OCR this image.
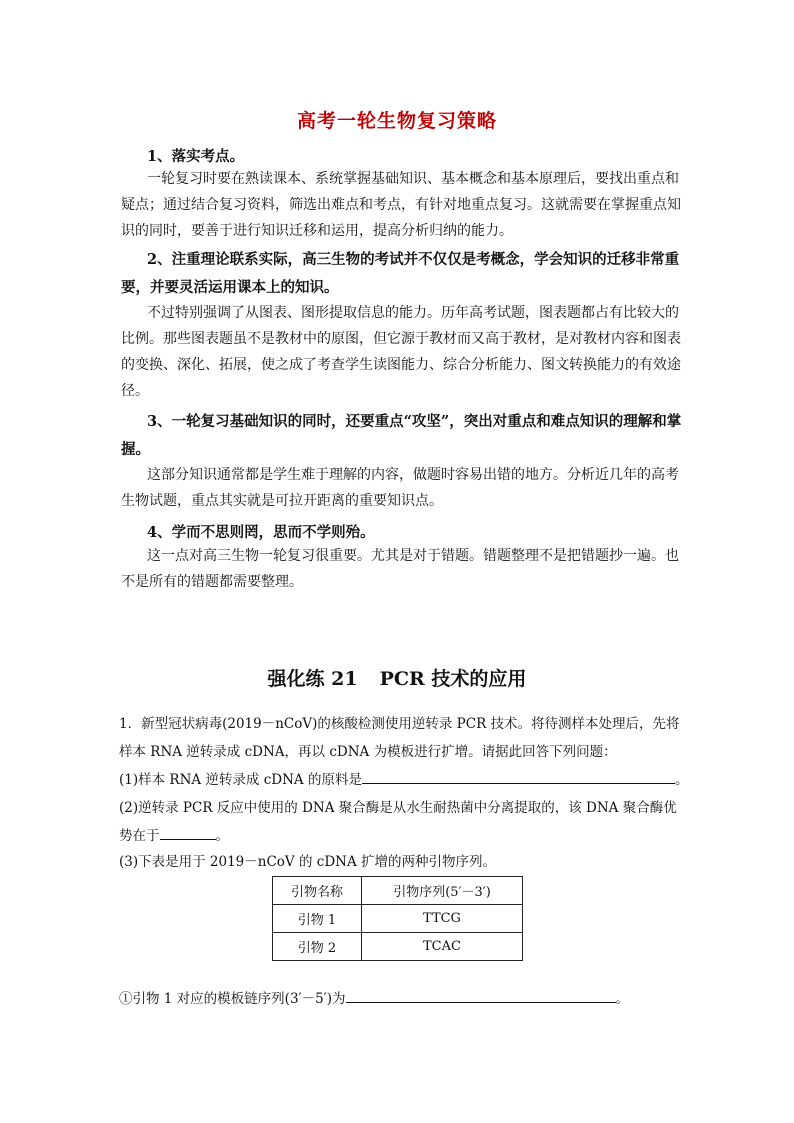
高考一轮生物复习策略
1、落实考点。

一轮复习时要在熟读课本、系统掌握基础知识、基本概念和基本原理后，要找出重点和疑点；通过结合复习资料，筛选出难点和考点，有针对地重点复习。这就需要在掌握重点知识的同时，要善于进行知识迁移和运用，提高分析归纳的能力。

2、注重理论联系实际，高三生物的考试并不仅仅是考概念，学会知识的迁移非常重要，并要灵活运用课本上的知识。

不过特别强调了从图表、图形提取信息的能力。历年高考试题，图表题都占有比较大的比例。那些图表题虽不是教材中的原图，但它源于教材而又高于教材，是对教材内容和图表的变换、深化、拓展，使之成了考查学生读图能力、综合分析能力、图文转换能力的有效途径。

3、一轮复习基础知识的同时，还要重点“攻坚”，突出对重点和难点知识的理解和掌握。

这部分知识通常都是学生难于理解的内容，做题时容易出错的地方。分析近几年的高考生物试题，重点其实就是可拉开距离的重要知识点。

4、学而不思则罔，思而不学则殆。

这一点对高三生物一轮复习很重要。尤其是对于错题。错题整理不是把错题抄一遍。也不是所有的错题都需要整理。

强化练 21 PCR 技术的应用

1．新型冠状病毒(2019－nCoV)的核酸检测使用逆转录 PCR 技术。将待测样本处理后，先将样本 RNA 逆转录成 cDNA，再以 cDNA 为模板进行扩增。请据此回答下列问题：

(1)样本 RNA 逆转录成 cDNA 的原料是	。

(2)逆转录 PCR 反应中使用的 DNA 聚合酶是从水生耐热菌中分离提取的，该 DNA 聚合酶优势在于	。

(3)下表是用于 2019－nCoV 的 cDNA 扩增的两种引物序列。

引物名称	引物序列(5′－3′)
引物 1	TTCG
引物 2	TCAC

①引物 1 对应的模板链序列(3′－5′)为	。
